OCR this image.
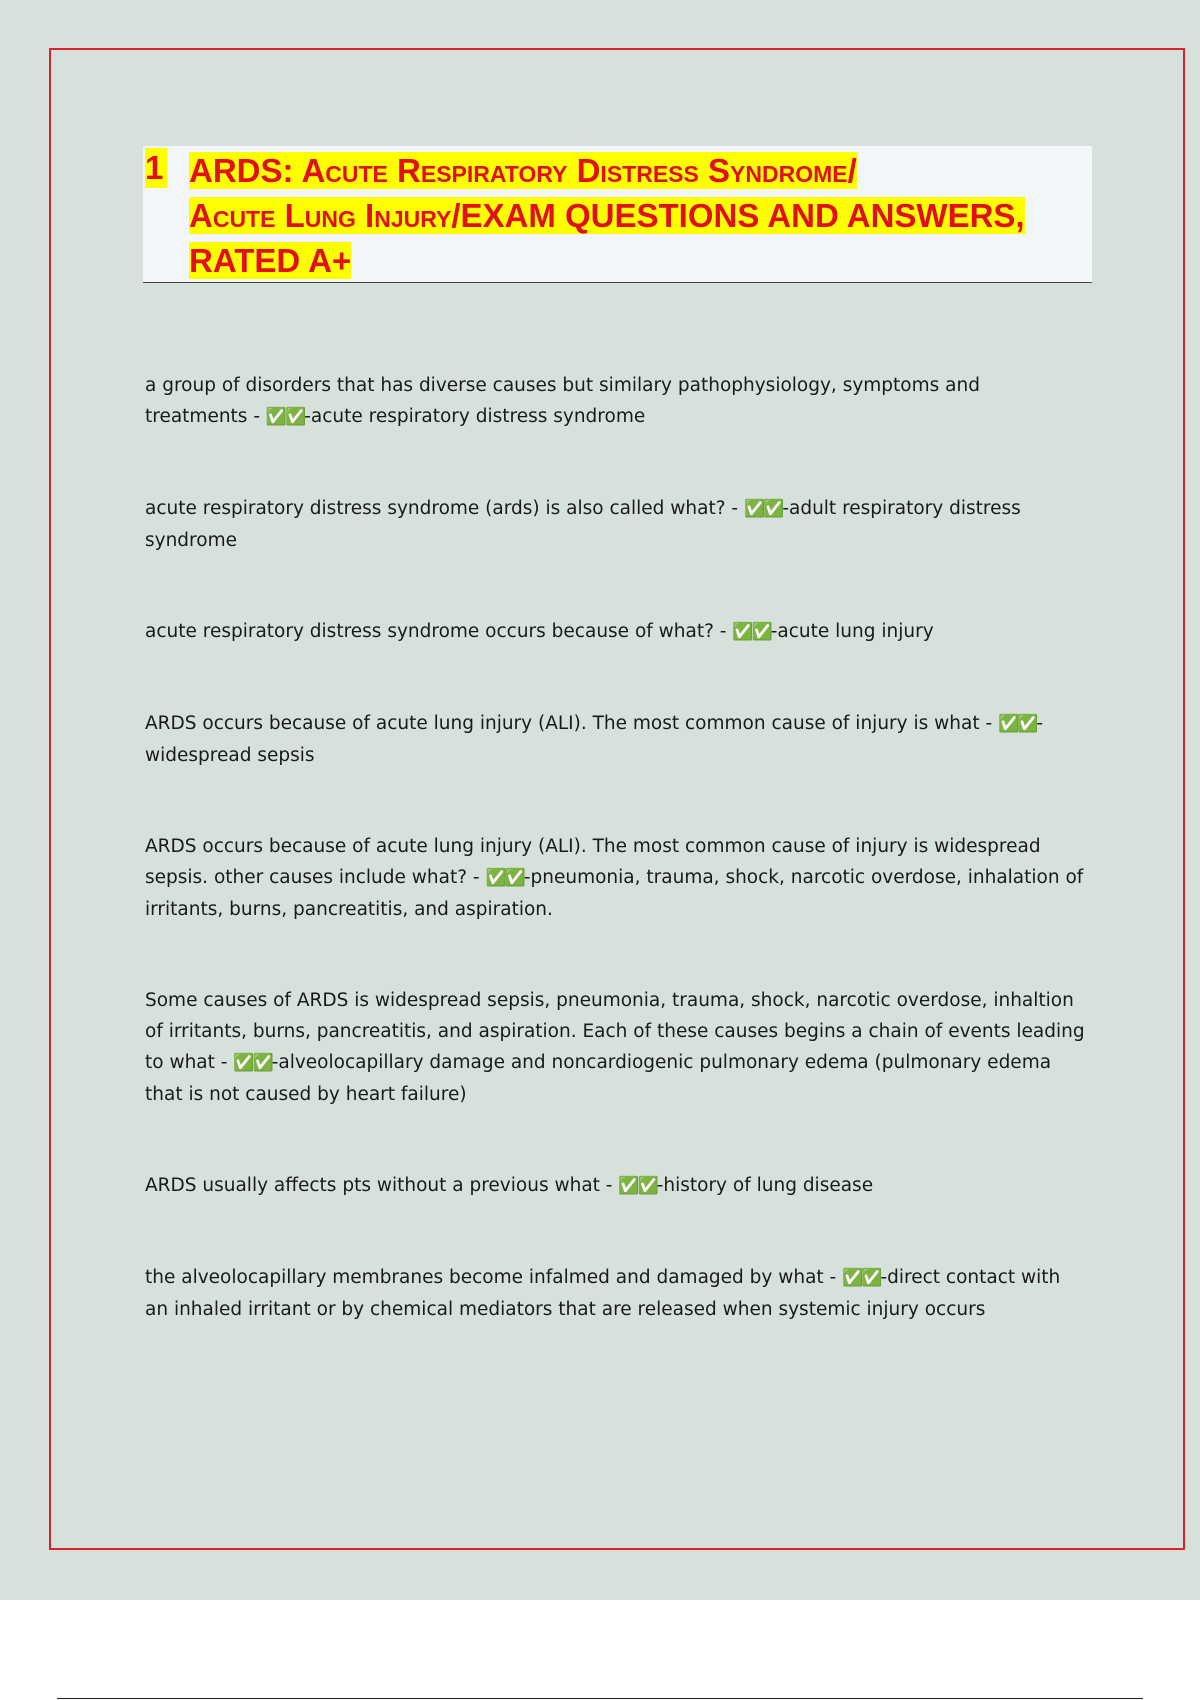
1 ARDS: Acute Respiratory Distress Syndrome/
Acute Lung Injury/EXAM QUESTIONS AND ANSWERS,
RATED A+
a group of disorders that has diverse causes but similary pathophysiology, symptoms and treatments - ✅✅-acute respiratory distress syndrome
acute respiratory distress syndrome (ards) is also called what? - ✅✅-adult respiratory distress syndrome
acute respiratory distress syndrome occurs because of what? - ✅✅-acute lung injury
ARDS occurs because of acute lung injury (ALI). The most common cause of injury is what - ✅✅-widespread sepsis
ARDS occurs because of acute lung injury (ALI). The most common cause of injury is widespread sepsis. other causes include what? - ✅✅-pneumonia, trauma, shock, narcotic overdose, inhalation of irritants, burns, pancreatitis, and aspiration.
Some causes of ARDS is widespread sepsis, pneumonia, trauma, shock, narcotic overdose, inhaltion of irritants, burns, pancreatitis, and aspiration. Each of these causes begins a chain of events leading to what - ✅✅-alveolocapillary damage and noncardiogenic pulmonary edema (pulmonary edema that is not caused by heart failure)
ARDS usually affects pts without a previous what - ✅✅-history of lung disease
the alveolocapillary membranes become infalmed and damaged by what - ✅✅-direct contact with an inhaled irritant or by chemical mediators that are released when systemic injury occurs
